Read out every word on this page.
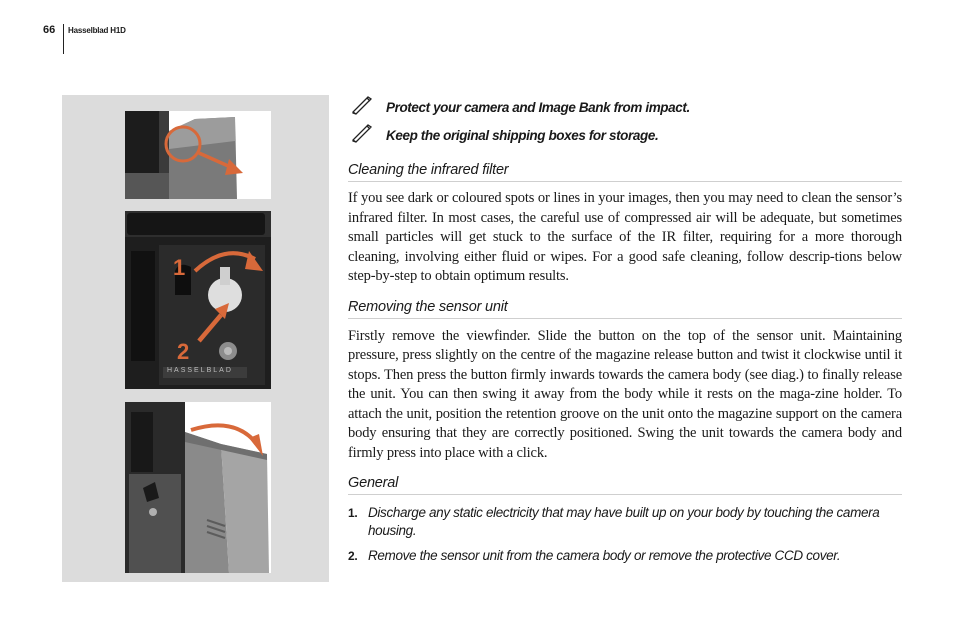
66 Hasselblad H1D
1
2
HASSELBLAD
Protect your camera and Image Bank from impact.
Keep the original shipping boxes for storage.
Cleaning the infrared filter

If you see dark or coloured spots or lines in your images, then you may need to clean the sensor’s infrared filter. In most cases, the careful use of compressed air will be adequate, but sometimes small particles will get stuck to the surface of the IR filter, requiring for a more thorough cleaning, involving either fluid or wipes. For a good safe cleaning, follow descrip-tions below step-by-step to obtain optimum results.

Removing the sensor unit

Firstly remove the viewfinder. Slide the button on the top of the sensor unit. Maintaining pressure, press slightly on the centre of the magazine release button and twist it clockwise until it stops. Then press the button firmly inwards towards the camera body (see diag.) to finally release the unit. You can then swing it away from the body while it rests on the maga-zine holder. To attach the unit, position the retention groove on the unit onto the magazine support on the camera body ensuring that they are correctly positioned. Swing the unit towards the camera body and firmly press into place with a click.

General
1. Discharge any static electricity that may have built up on your body by touching the camera housing.
2. Remove the sensor unit from the camera body or remove the protective CCD cover.
